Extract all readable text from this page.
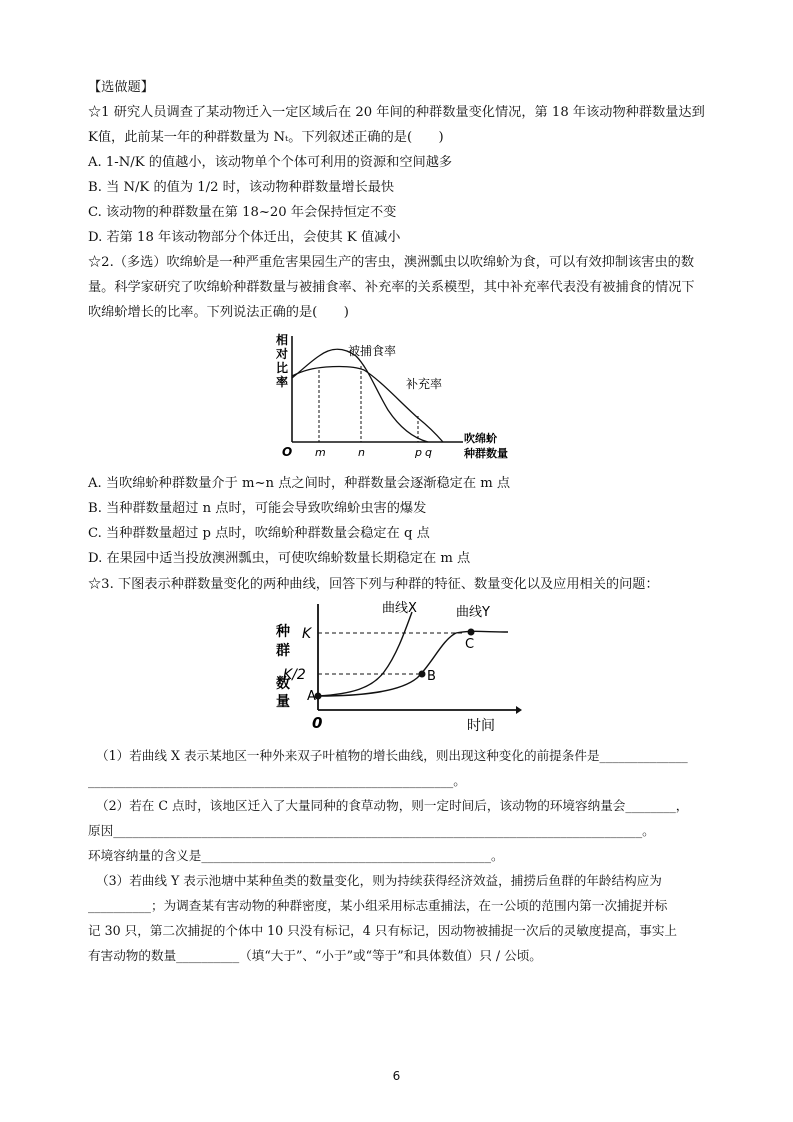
【选做题】
☆1 研究人员调查了某动物迁入一定区域后在 20 年间的种群数量变化情况，第 18 年该动物种群数量达到
K值，此前某一年的种群数量为 Nₜ。下列叙述正确的是(　　)
A. 1-N/K 的值越小，该动物单个个体可利用的资源和空间越多
B. 当 N/K 的值为 1/2 时，该动物种群数量增长最快
C. 该动物的种群数量在第 18~20 年会保持恒定不变
D. 若第 18 年该动物部分个体迁出，会使其 K 值减小
☆2.（多选）吹绵蚧是一种严重危害果园生产的害虫，澳洲瓢虫以吹绵蚧为食，可以有效抑制该害虫的数
量。科学家研究了吹绵蚧种群数量与被捕食率、补充率的关系模型，其中补充率代表没有被捕食的情况下
吹绵蚧增长的比率。下列说法正确的是(　　)
相
对
比
率
被捕食率
补充率
O m	n	p q
吹绵蚧
种群数量
A. 当吹绵蚧种群数量介于 m~n 点之间时，种群数量会逐渐稳定在 m 点
B. 当种群数量超过 n 点时，可能会导致吹绵蚧虫害的爆发
C. 当种群数量超过 p 点时，吹绵蚧种群数量会稳定在 q 点
D. 在果园中适当投放澳洲瓢虫，可使吹绵蚧数量长期稳定在 m 点
☆3. 下图表示种群数量变化的两种曲线，回答下列与种群的特征、数量变化以及应用相关的问题：
曲线X	曲线Y
K
K/2
种
群
数
量 A
B
C
0	时间
（1）若曲线 X 表示某地区一种外来双子叶植物的增长曲线，则出现这种变化的前提条件是______________
__________________________________________________________。
（2）若在 C 点时，该地区迁入了大量同种的食草动物，则一定时间后，该动物的环境容纳量会________，
原因____________________________________________________________________________________。
环境容纳量的含义是______________________________________________。
（3）若曲线 Y 表示池塘中某种鱼类的数量变化，则为持续获得经济效益，捕捞后鱼群的年龄结构应为
__________；为调查某有害动物的种群密度，某小组采用标志重捕法，在一公顷的范围内第一次捕捉并标
记 30 只，第二次捕捉的个体中 10 只没有标记，4 只有标记，因动物被捕捉一次后的灵敏度提高，事实上
有害动物的数量__________（填“大于”、“小于”或“等于”和具体数值）只 / 公顷。
6
